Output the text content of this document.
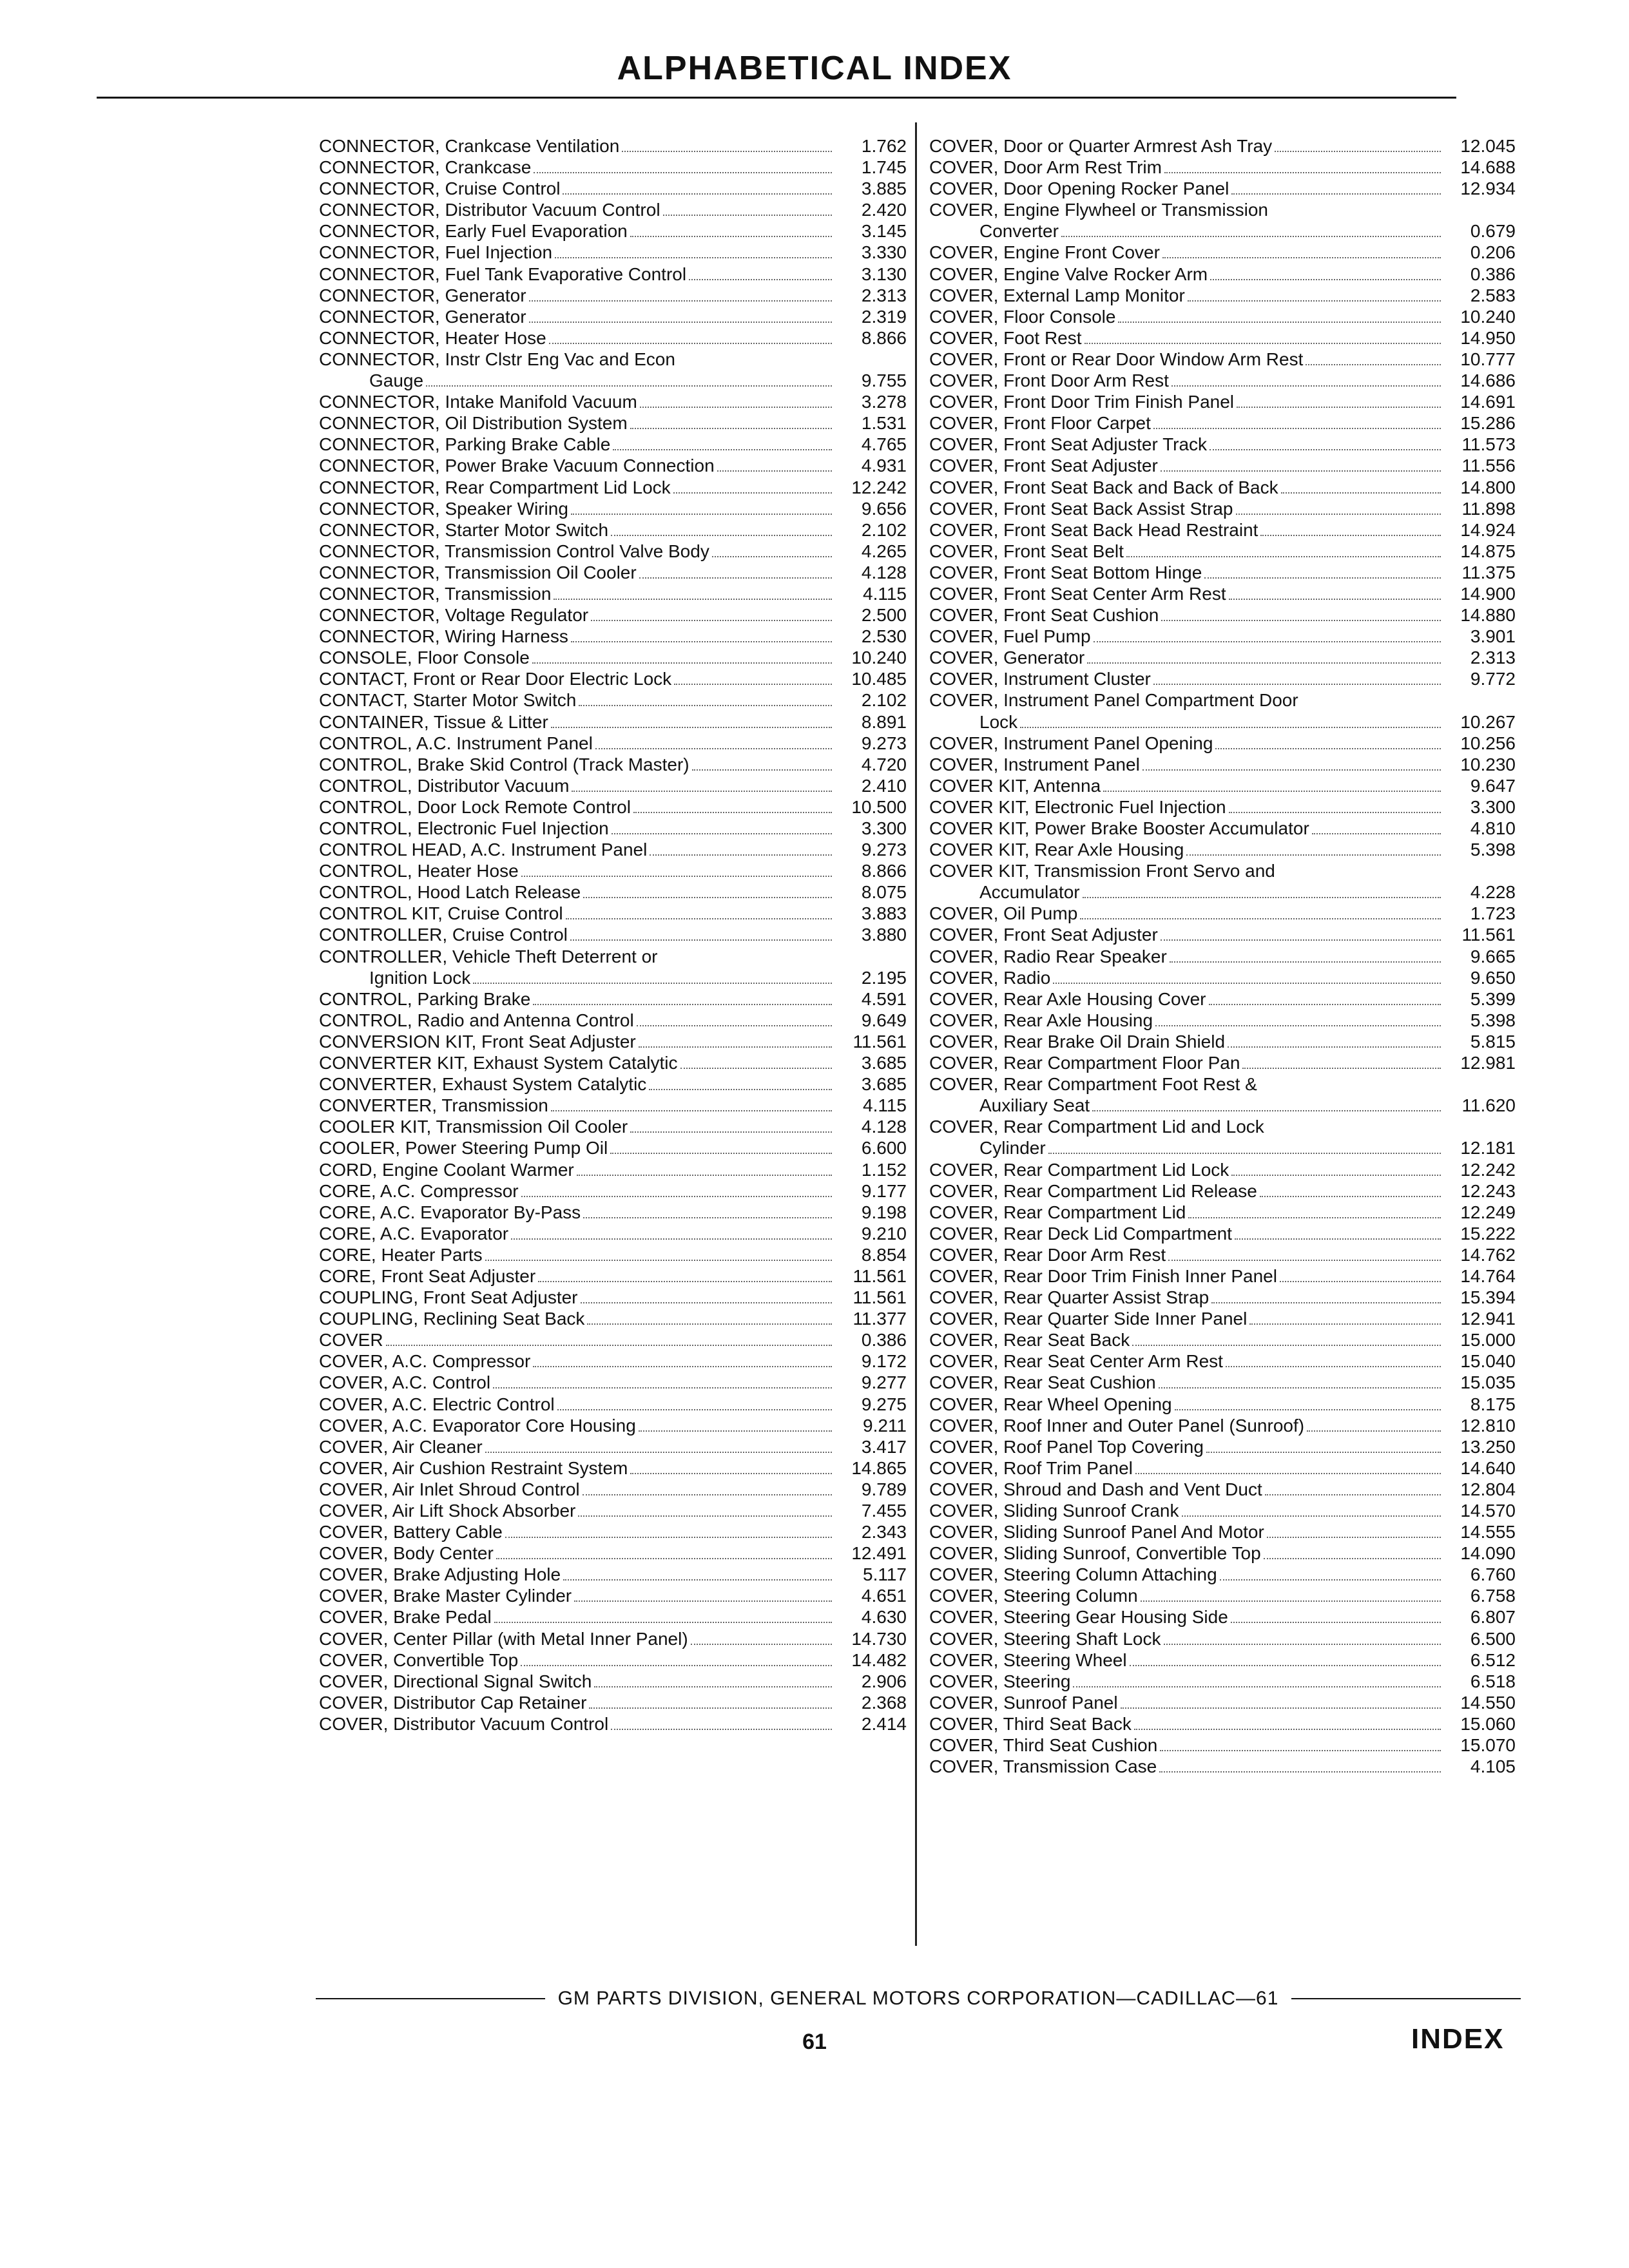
ALPHABETICAL INDEX
CONNECTOR, Crankcase Ventilation	1.762
CONNECTOR, Crankcase	1.745
CONNECTOR, Cruise Control	3.885
CONNECTOR, Distributor Vacuum Control	2.420
CONNECTOR, Early Fuel Evaporation	3.145
CONNECTOR, Fuel Injection	3.330
CONNECTOR, Fuel Tank Evaporative Control	3.130
CONNECTOR, Generator	2.313
CONNECTOR, Generator	2.319
CONNECTOR, Heater Hose	8.866
CONNECTOR, Instr Clstr Eng Vac and Econ
Gauge	9.755
CONNECTOR, Intake Manifold Vacuum	3.278
CONNECTOR, Oil Distribution System	1.531
CONNECTOR, Parking Brake Cable	4.765
CONNECTOR, Power Brake Vacuum Connection	4.931
CONNECTOR, Rear Compartment Lid Lock	12.242
CONNECTOR, Speaker Wiring	9.656
CONNECTOR, Starter Motor Switch	2.102
CONNECTOR, Transmission Control Valve Body	4.265
CONNECTOR, Transmission Oil Cooler	4.128
CONNECTOR, Transmission	4.115
CONNECTOR, Voltage Regulator	2.500
CONNECTOR, Wiring Harness	2.530
CONSOLE, Floor Console	10.240
CONTACT, Front or Rear Door Electric Lock	10.485
CONTACT, Starter Motor Switch	2.102
CONTAINER, Tissue & Litter	8.891
CONTROL, A.C. Instrument Panel	9.273
CONTROL, Brake Skid Control (Track Master)	4.720
CONTROL, Distributor Vacuum	2.410
CONTROL, Door Lock Remote Control	10.500
CONTROL, Electronic Fuel Injection	3.300
CONTROL HEAD, A.C. Instrument Panel	9.273
CONTROL, Heater Hose	8.866
CONTROL, Hood Latch Release	8.075
CONTROL KIT, Cruise Control	3.883
CONTROLLER, Cruise Control	3.880
CONTROLLER, Vehicle Theft Deterrent or
Ignition Lock	2.195
CONTROL, Parking Brake	4.591
CONTROL, Radio and Antenna Control	9.649
CONVERSION KIT, Front Seat Adjuster	11.561
CONVERTER KIT, Exhaust System Catalytic	3.685
CONVERTER, Exhaust System Catalytic	3.685
CONVERTER, Transmission	4.115
COOLER KIT, Transmission Oil Cooler	4.128
COOLER, Power Steering Pump Oil	6.600
CORD, Engine Coolant Warmer	1.152
CORE, A.C. Compressor	9.177
CORE, A.C. Evaporator By-Pass	9.198
CORE, A.C. Evaporator	9.210
CORE, Heater Parts	8.854
CORE, Front Seat Adjuster	11.561
COUPLING, Front Seat Adjuster	11.561
COUPLING, Reclining Seat Back	11.377
COVER	0.386
COVER, A.C. Compressor	9.172
COVER, A.C. Control	9.277
COVER, A.C. Electric Control	9.275
COVER, A.C. Evaporator Core Housing	9.211
COVER, Air Cleaner	3.417
COVER, Air Cushion Restraint System	14.865
COVER, Air Inlet Shroud Control	9.789
COVER, Air Lift Shock Absorber	7.455
COVER, Battery Cable	2.343
COVER, Body Center	12.491
COVER, Brake Adjusting Hole	5.117
COVER, Brake Master Cylinder	4.651
COVER, Brake Pedal	4.630
COVER, Center Pillar (with Metal Inner Panel)	14.730
COVER, Convertible Top	14.482
COVER, Directional Signal Switch	2.906
COVER, Distributor Cap Retainer	2.368
COVER, Distributor Vacuum Control	2.414
COVER, Door or Quarter Armrest Ash Tray	12.045
COVER, Door Arm Rest Trim	14.688
COVER, Door Opening Rocker Panel	12.934
COVER, Engine Flywheel or Transmission
Converter	0.679
COVER, Engine Front Cover	0.206
COVER, Engine Valve Rocker Arm	0.386
COVER, External Lamp Monitor	2.583
COVER, Floor Console	10.240
COVER, Foot Rest	14.950
COVER, Front or Rear Door Window Arm Rest	10.777
COVER, Front Door Arm Rest	14.686
COVER, Front Door Trim Finish Panel	14.691
COVER, Front Floor Carpet	15.286
COVER, Front Seat Adjuster Track	11.573
COVER, Front Seat Adjuster	11.556
COVER, Front Seat Back and Back of Back	14.800
COVER, Front Seat Back Assist Strap	11.898
COVER, Front Seat Back Head Restraint	14.924
COVER, Front Seat Belt	14.875
COVER, Front Seat Bottom Hinge	11.375
COVER, Front Seat Center Arm Rest	14.900
COVER, Front Seat Cushion	14.880
COVER, Fuel Pump	3.901
COVER, Generator	2.313
COVER, Instrument Cluster	9.772
COVER, Instrument Panel Compartment Door
Lock	10.267
COVER, Instrument Panel Opening	10.256
COVER, Instrument Panel	10.230
COVER KIT, Antenna	9.647
COVER KIT, Electronic Fuel Injection	3.300
COVER KIT, Power Brake Booster Accumulator	4.810
COVER KIT, Rear Axle Housing	5.398
COVER KIT, Transmission Front Servo and
Accumulator	4.228
COVER, Oil Pump	1.723
COVER, Front Seat Adjuster	11.561
COVER, Radio Rear Speaker	9.665
COVER, Radio	9.650
COVER, Rear Axle Housing Cover	5.399
COVER, Rear Axle Housing	5.398
COVER, Rear Brake Oil Drain Shield	5.815
COVER, Rear Compartment Floor Pan	12.981
COVER, Rear Compartment Foot Rest &
Auxiliary Seat	11.620
COVER, Rear Compartment Lid and Lock
Cylinder	12.181
COVER, Rear Compartment Lid Lock	12.242
COVER, Rear Compartment Lid Release	12.243
COVER, Rear Compartment Lid	12.249
COVER, Rear Deck Lid Compartment	15.222
COVER, Rear Door Arm Rest	14.762
COVER, Rear Door Trim Finish Inner Panel	14.764
COVER, Rear Quarter Assist Strap	15.394
COVER, Rear Quarter Side Inner Panel	12.941
COVER, Rear Seat Back	15.000
COVER, Rear Seat Center Arm Rest	15.040
COVER, Rear Seat Cushion	15.035
COVER, Rear Wheel Opening	8.175
COVER, Roof Inner and Outer Panel (Sunroof)	12.810
COVER, Roof Panel Top Covering	13.250
COVER, Roof Trim Panel	14.640
COVER, Shroud and Dash and Vent Duct	12.804
COVER, Sliding Sunroof Crank	14.570
COVER, Sliding Sunroof Panel And Motor	14.555
COVER, Sliding Sunroof, Convertible Top	14.090
COVER, Steering Column Attaching	6.760
COVER, Steering Column	6.758
COVER, Steering Gear Housing Side	6.807
COVER, Steering Shaft Lock	6.500
COVER, Steering Wheel	6.512
COVER, Steering	6.518
COVER, Sunroof Panel	14.550
COVER, Third Seat Back	15.060
COVER, Third Seat Cushion	15.070
COVER, Transmission Case	4.105
GM PARTS DIVISION, GENERAL MOTORS CORPORATION—CADILLAC—61
61	INDEX
